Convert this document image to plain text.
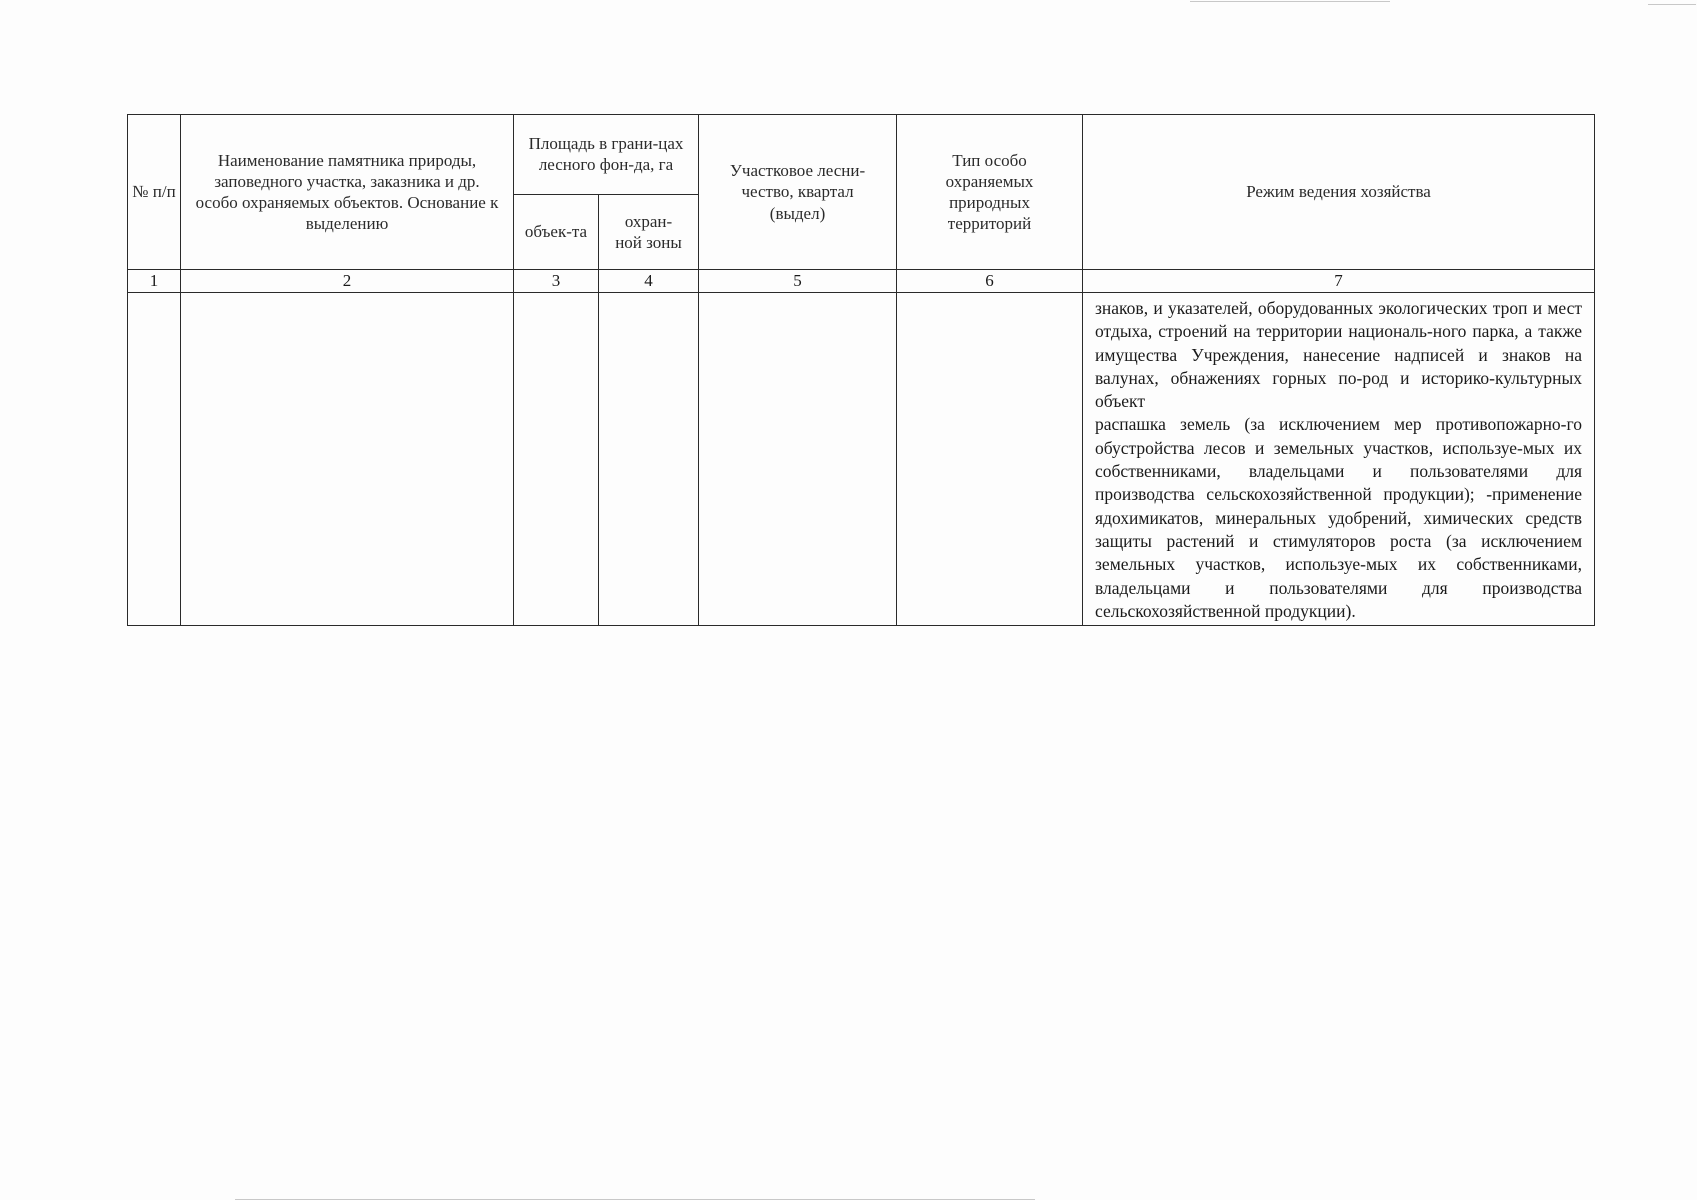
№ п/п	Наименование памятника природы, заповедного участка, заказника и др. особо охраняемых объектов. Основание к выделению	Площадь в грани-цах лесного фон-да, га		Участковое лесни-чество, квартал (выдел)	Тип особо охраняемых природных территорий	Режим ведения хозяйства
		объек-та	охран-ной зоны			
1	2	3	4	5	6	7

						знаков, и указателей, оборудованных экологических троп и мест отдыха, строений на территории националь-ного парка, а также имущества Учреждения, нанесение надписей и знаков на валунах, обнажениях горных по-род и историко-культурных объект

распашка земель (за исключением мер противопожарно-го обустройства лесов и земельных участков, используе-мых их собственниками, владельцами и пользователями для производства сельскохозяйственной продукции); -применение ядохимикатов, минеральных удобрений, химических средств защиты растений и стимуляторов роста (за исключением земельных участков, используе-мых их собственниками, владельцами и пользователями для производства сельскохозяйственной продукции).
